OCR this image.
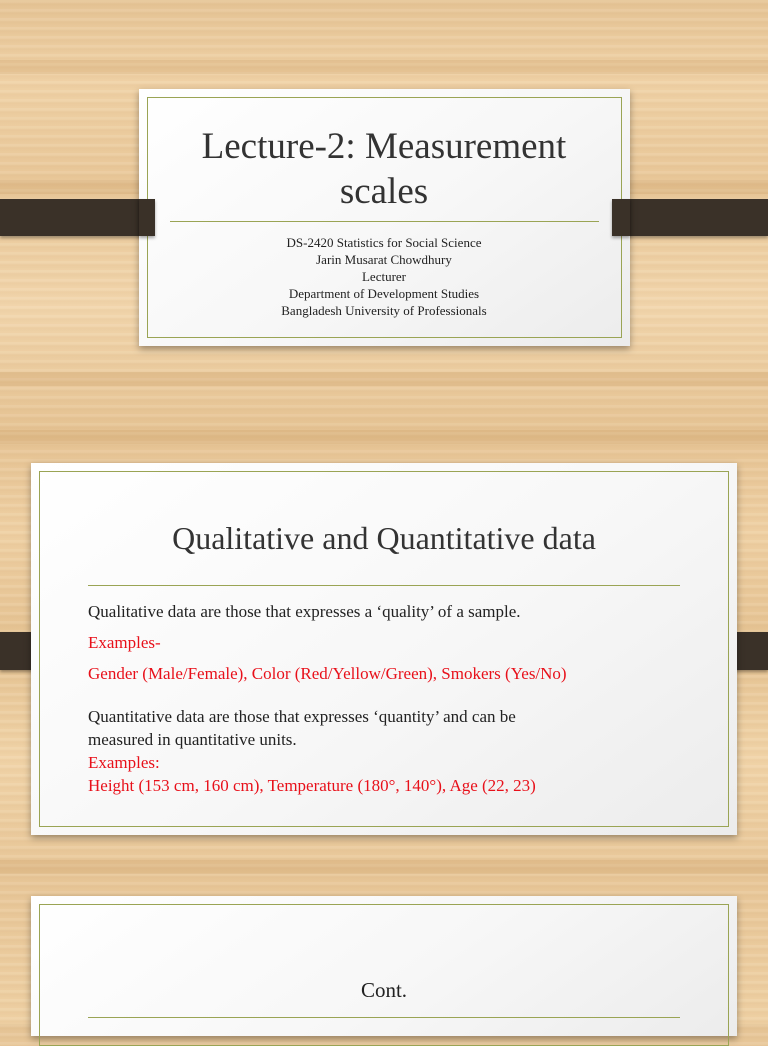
Lecture-2: Measurement
scales
DS-2420 Statistics for Social Science
Jarin Musarat Chowdhury
Lecturer
Department of Development Studies
Bangladesh University of Professionals
Qualitative and Quantitative data
Qualitative data are those that expresses a ‘quality’ of a sample.
Examples-
Gender (Male/Female), Color (Red/Yellow/Green), Smokers (Yes/No)
Quantitative data are those that expresses ‘quantity’ and can be
measured in quantitative units.
Examples:
Height (153 cm, 160 cm), Temperature (180°, 140°), Age (22, 23)
Cont.
